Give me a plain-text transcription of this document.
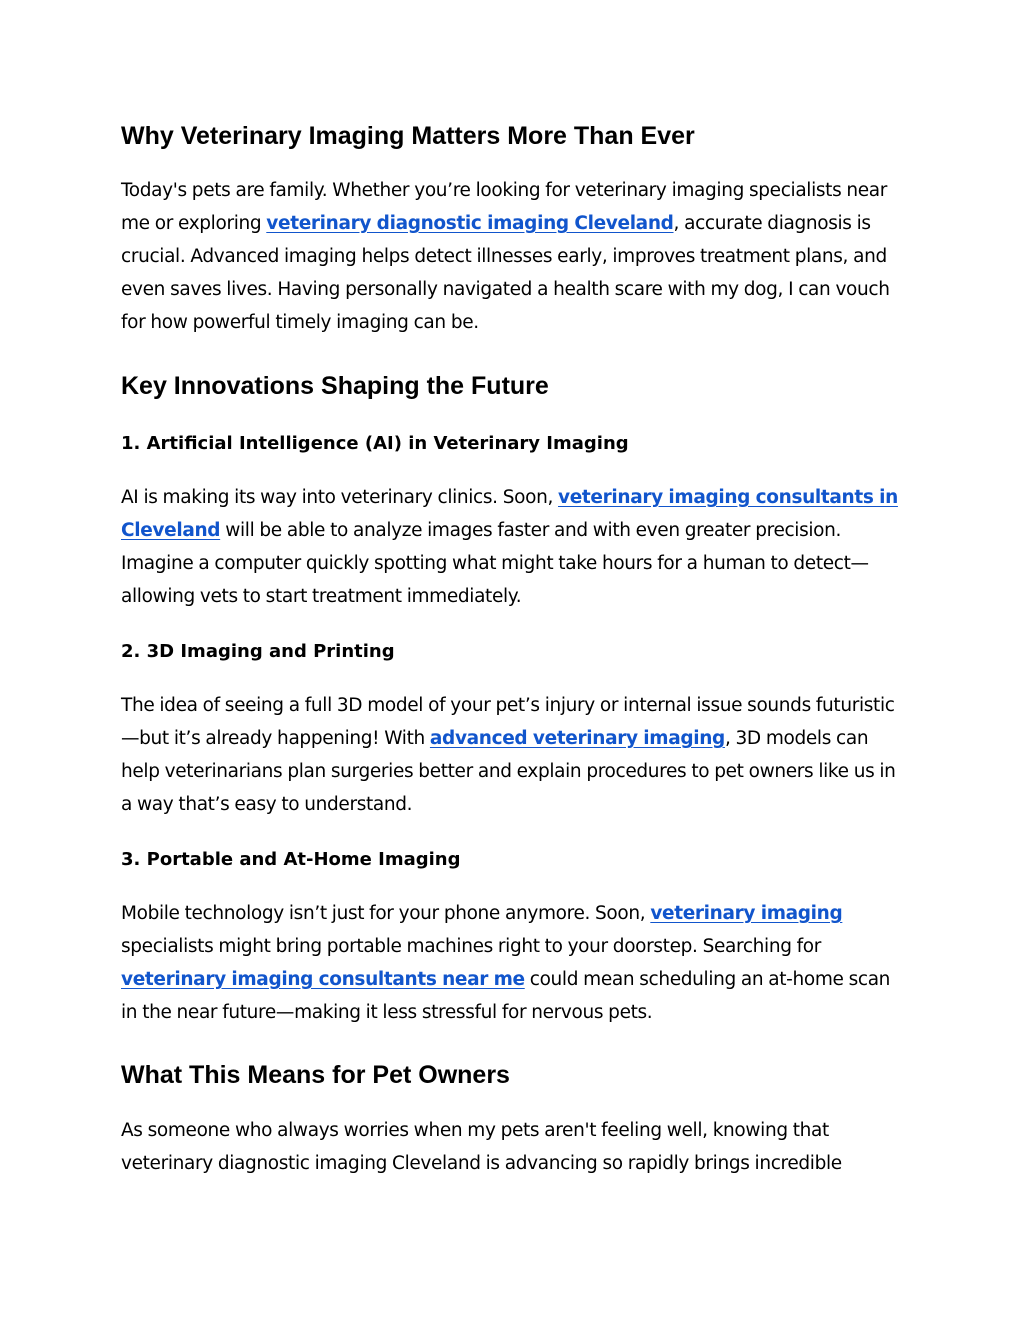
Why Veterinary Imaging Matters More Than Ever

Today's pets are family. Whether you’re looking for veterinary imaging specialists near me or exploring veterinary diagnostic imaging Cleveland, accurate diagnosis is crucial. Advanced imaging helps detect illnesses early, improves treatment plans, and even saves lives. Having personally navigated a health scare with my dog, I can vouch for how powerful timely imaging can be.

Key Innovations Shaping the Future
1. Artificial Intelligence (AI) in Veterinary Imaging

AI is making its way into veterinary clinics. Soon, veterinary imaging consultants in Cleveland will be able to analyze images faster and with even greater precision. Imagine a computer quickly spotting what might take hours for a human to detect—allowing vets to start treatment immediately.

2. 3D Imaging and Printing

The idea of seeing a full 3D model of your pet’s injury or internal issue sounds futuristic—but it’s already happening! With advanced veterinary imaging, 3D models can help veterinarians plan surgeries better and explain procedures to pet owners like us in a way that’s easy to understand.

3. Portable and At-Home Imaging

Mobile technology isn’t just for your phone anymore. Soon, veterinary imaging specialists might bring portable machines right to your doorstep. Searching for veterinary imaging consultants near me could mean scheduling an at-home scan in the near future—making it less stressful for nervous pets.

What This Means for Pet Owners

As someone who always worries when my pets aren't feeling well, knowing that veterinary diagnostic imaging Cleveland is advancing so rapidly brings incredible
